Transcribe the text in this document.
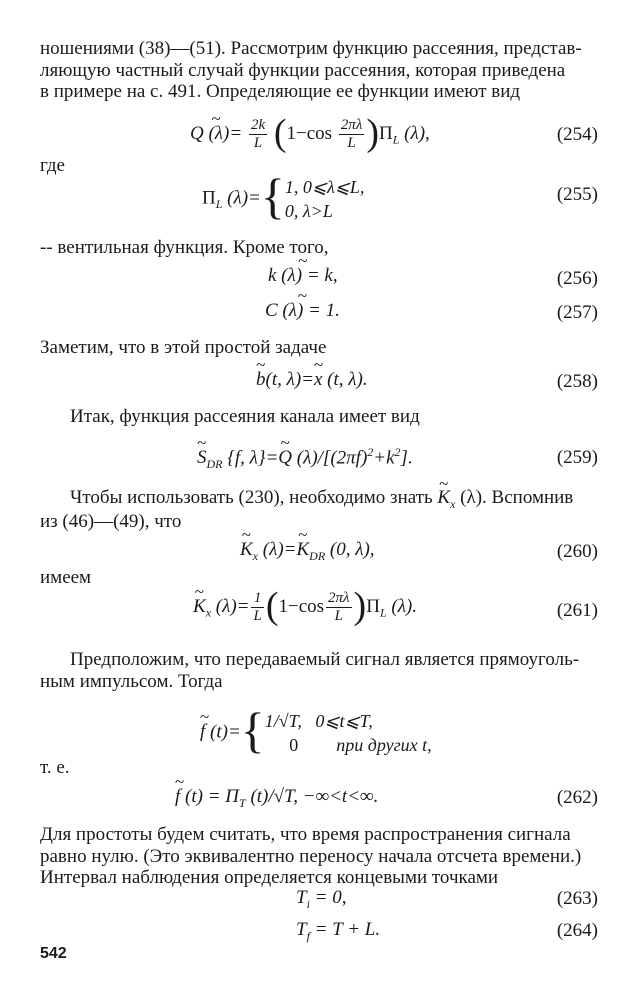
ношениями (38)—(51). Рассмотрим функцию рассеяния, представ-
ляющую частный случай функции рассеяния, которая приведена
в примере на с. 491. Определяющие ее функции имеют вид
~ Q $(\lambda)= \frac{2k}{L} (1-\cos \frac{2\pi\lambda}{L} )\Pi_L$ (λ),	(254)
где
$\Pi_L$ (λ)={ 1, 0⩽λ⩽L,
0, λ>L
(255)
-- вентильная функция. Кроме того,
~ k (λ) = k,	(256)
~ C (λ) = 1.	(257)
Заметим, что в этой простой задаче
~ b(t, λ)=~ x (t, λ).	(258)
Итак, функция рассеяния канала имеет вид
~ $S_{DR}$ {f, λ}=~ Q $(\lambda)/[(2\pi f)^2+k^2]$.	(259)
Чтобы использовать (230), необходимо знать ~ $K_x$ (λ). Вспомнив
из (46)—(49), что
~ $K_x$ (λ)=~ $K_{DR}$ (0, λ),	(260)
имеем
~ $K_x$ $(\lambda)= \frac{1}{L} (1-\cos \frac{2\pi\lambda}{L} )\Pi_L$ (λ).	(261)
Предположим, что передаваемый сигнал является прямоуголь-
ным импульсом. Тогда
~ f (t)={ 1/√T, 0⩽t⩽T,
0 при других t,
т. е.
~ f $(t) = \Pi_T$ (t)/√T, −∞<t<∞.	(262)
Для простоты будем считать, что время распространения сигнала
равно нулю. (Это эквивалентно переносу начала отсчета времени.)
Интервал наблюдения определяется концевыми точками
$T_i = 0$,	(263)
$T_f = T + L$.	(264)
542
